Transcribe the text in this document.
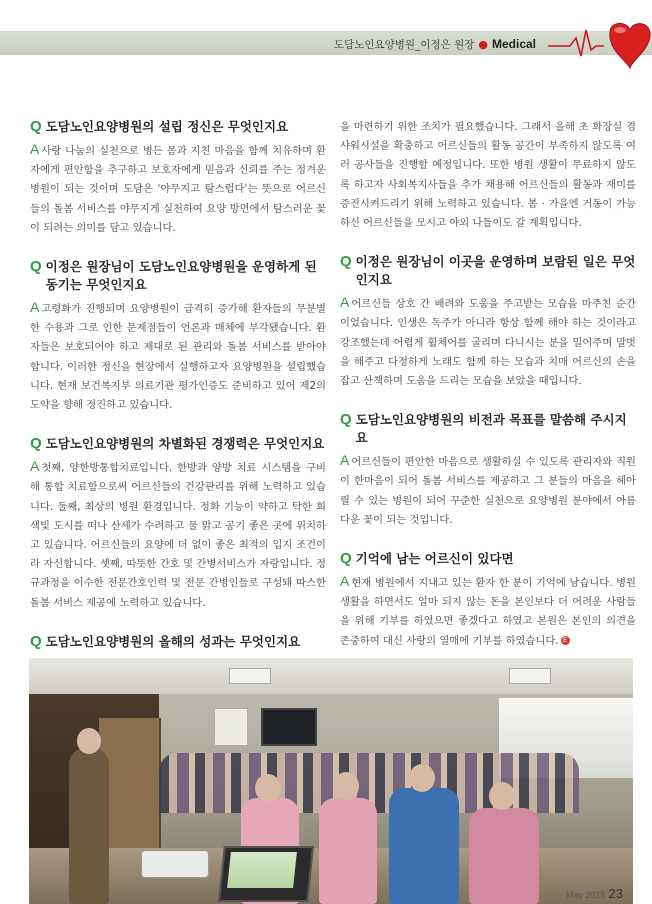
도담노인요양병원_이정은 원장 ● Medical
Q 도담노인요양병원의 설립 정신은 무엇인지요

A 사랑 나눔의 실천으로 병든 몸과 지친 마음을 함께 치유하며 환자에게 편안함을 추구하고 보호자에게 믿음과 신뢰를 주는 정겨운 병원이 되는 것이며 도담은 '야무지고 탐스럽다'는 뜻으로 어르신들의 돌봄 서비스를 야무지게 실천하여 요양 방면에서 탐스러운 꽃이 되려는 의미를 담고 있습니다.

Q 이정은 원장님이 도담노인요양병원을 운영하게 된 동기는 무엇인지요

A 고령화가 진행되며 요양병원이 급격히 증가해 환자들의 무분별한 수용과 그로 인한 문제점들이 언론과 매체에 부각됐습니다. 환자들은 보호되어야 하고 제대로 된 관리와 돌봄 서비스를 받아야 합니다. 이러한 정신을 현장에서 실행하고자 요양병원을 설립했습니다. 현재 보건복지부 의료기관 평가인증도 준비하고 있어 제2의 도약을 향해 정진하고 있습니다.

Q 도담노인요양병원의 차별화된 경쟁력은 무엇인지요

A 첫째, 양한방통합치료입니다. 한방과 양방 치료 시스템을 구비해 통합 치료함으로써 어르신들의 건강관리를 위해 노력하고 있습니다. 둘째, 최상의 병원 환경입니다. 정화 기능이 약하고 탁한 회색빛 도시를 떠나 산세가 수려하고 물 맑고 공기 좋은 곳에 위치하고 있습니다. 어르신들의 요양에 더 없이 좋은 최적의 입지 조건이라 자신합니다. 셋째, 따뜻한 간호 및 간병서비스가 자랑입니다. 정규과정을 이수한 전문간호인력 및 전문 간병인들로 구성돼 따스한 돌봄 서비스 제공에 노력하고 있습니다.

Q 도담노인요양병원의 올해의 성과는 무엇인지요

을 마련하기 위한 조치가 필요했습니다. 그래서 올해 초 화장실 겸 샤워시설을 확충하고 어르신들의 활동 공간이 부족하지 않도록 여러 공사들을 진행할 예정입니다. 또한 병원 생활이 무료하지 않도록 하고자 사회복지사들을 추가 채용해 어르신들의 활동과 재미를 증진시켜드리기 위해 노력하고 있습니다. 봄 · 가을엔 거동이 가능하신 어르신들을 모시고 야외 나들이도 갈 계획입니다.

Q 이정은 원장님이 이곳을 운영하며 보람된 일은 무엇인지요

A 어르신들 상호 간 배려와 도움을 주고받는 모습을 마주친 순간이었습니다. 인생은 독주가 아니라 항상 함께 해야 하는 것이라고 강조했는데 어렵게 휠체어를 굴리며 다니시는 분을 밀어주며 말벗을 해주고 다정하게 노래도 함께 하는 모습과 치매 어르신의 손을 잡고 산책하며 도움을 드리는 모습을 보았을 때입니다.

Q 도담노인요양병원의 비전과 목표를 말씀해 주시지요

A 어르신들이 편안한 마음으로 생활하실 수 있도록 관리자와 직원이 한마음이 되어 돌봄 서비스를 제공하고 그 분들의 마음을 헤아릴 수 있는 병원이 되어 꾸준한 실천으로 요양병원 분야에서 아름다운 꽃이 되는 것입니다.

Q 기억에 남는 어르신이 있다면

A 현재 병원에서 지내고 있는 환자 한 분이 기억에 남습니다. 병원생활을 하면서도 얼마 되지 않는 돈을 본인보다 더 어려운 사람들을 위해 기부를 하였으면 좋겠다고 하였고 본원은 본인의 의견을 존중하여 대신 사랑의 열매에 기부를 하였습니다. E

May 2015 23
